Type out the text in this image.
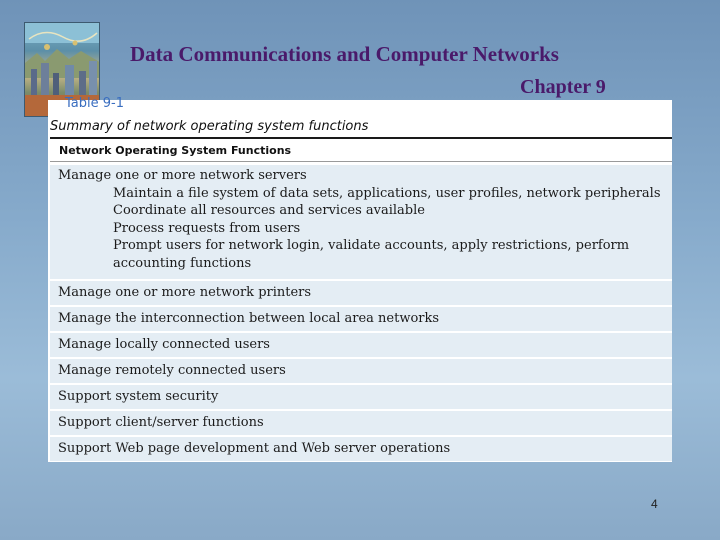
Data Communications and Computer Networks
Chapter 9
Table 9-1
Summary of network operating system functions
Network Operating System Functions
Manage one or more network servers
Maintain a file system of data sets, applications, user profiles, network peripherals
Coordinate all resources and services available
Process requests from users
Prompt users for network login, validate accounts, apply restrictions, perform
accounting functions
Manage one or more network printers
Manage the interconnection between local area networks
Manage locally connected users
Manage remotely connected users
Support system security
Support client/server functions
Support Web page development and Web server operations
4
